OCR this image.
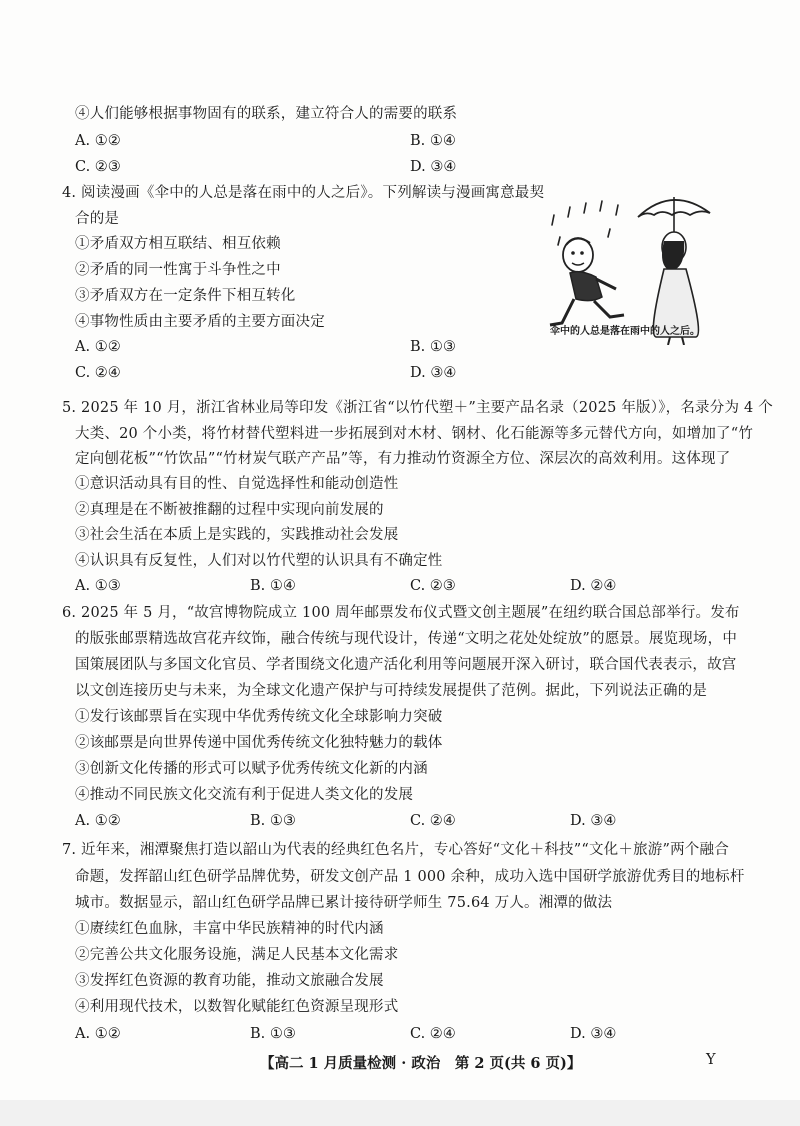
④人们能够根据事物固有的联系，建立符合人的需要的联系
A. ①②	B. ①④
C. ②③	D. ③④
4. 阅读漫画《伞中的人总是落在雨中的人之后》。下列解读与漫画寓意最契
合的是
①矛盾双方相互联结、相互依赖
②矛盾的同一性寓于斗争性之中
③矛盾双方在一定条件下相互转化
④事物性质由主要矛盾的主要方面决定
A. ①②	B. ①③
C. ②④	D. ③④
伞中的人总是落在雨中的人之后。
5. 2025 年 10 月，浙江省林业局等印发《浙江省“以竹代塑＋”主要产品名录（2025 年版）》，名录分为 4 个
大类、20 个小类，将竹材替代塑料进一步拓展到对木材、钢材、化石能源等多元替代方向，如增加了“竹
定向刨花板”“竹饮品”“竹材炭气联产产品”等，有力推动竹资源全方位、深层次的高效利用。这体现了
①意识活动具有目的性、自觉选择性和能动创造性
②真理是在不断被推翻的过程中实现向前发展的
③社会生活在本质上是实践的，实践推动社会发展
④认识具有反复性，人们对以竹代塑的认识具有不确定性
A. ①③	B. ①④	C. ②③	D. ②④
6. 2025 年 5 月，“故宫博物院成立 100 周年邮票发布仪式暨文创主题展”在纽约联合国总部举行。发布
的版张邮票精选故宫花卉纹饰，融合传统与现代设计，传递“文明之花处处绽放”的愿景。展览现场，中
国策展团队与多国文化官员、学者围绕文化遗产活化利用等问题展开深入研讨，联合国代表表示，故宫
以文创连接历史与未来，为全球文化遗产保护与可持续发展提供了范例。据此，下列说法正确的是
①发行该邮票旨在实现中华优秀传统文化全球影响力突破
②该邮票是向世界传递中国优秀传统文化独特魅力的载体
③创新文化传播的形式可以赋予优秀传统文化新的内涵
④推动不同民族文化交流有利于促进人类文化的发展
A. ①②	B. ①③	C. ②④	D. ③④
7. 近年来，湘潭聚焦打造以韶山为代表的经典红色名片，专心答好“文化＋科技”“文化＋旅游”两个融合
命题，发挥韶山红色研学品牌优势，研发文创产品 1 000 余种，成功入选中国研学旅游优秀目的地标杆
城市。数据显示，韶山红色研学品牌已累计接待研学师生 75.64 万人。湘潭的做法
①赓续红色血脉，丰富中华民族精神的时代内涵
②完善公共文化服务设施，满足人民基本文化需求
③发挥红色资源的教育功能，推动文旅融合发展
④利用现代技术，以数智化赋能红色资源呈现形式
A. ①②	B. ①③	C. ②④	D. ③④
【高二 1 月质量检测 · 政治　第 2 页(共 6 页)】	Y
